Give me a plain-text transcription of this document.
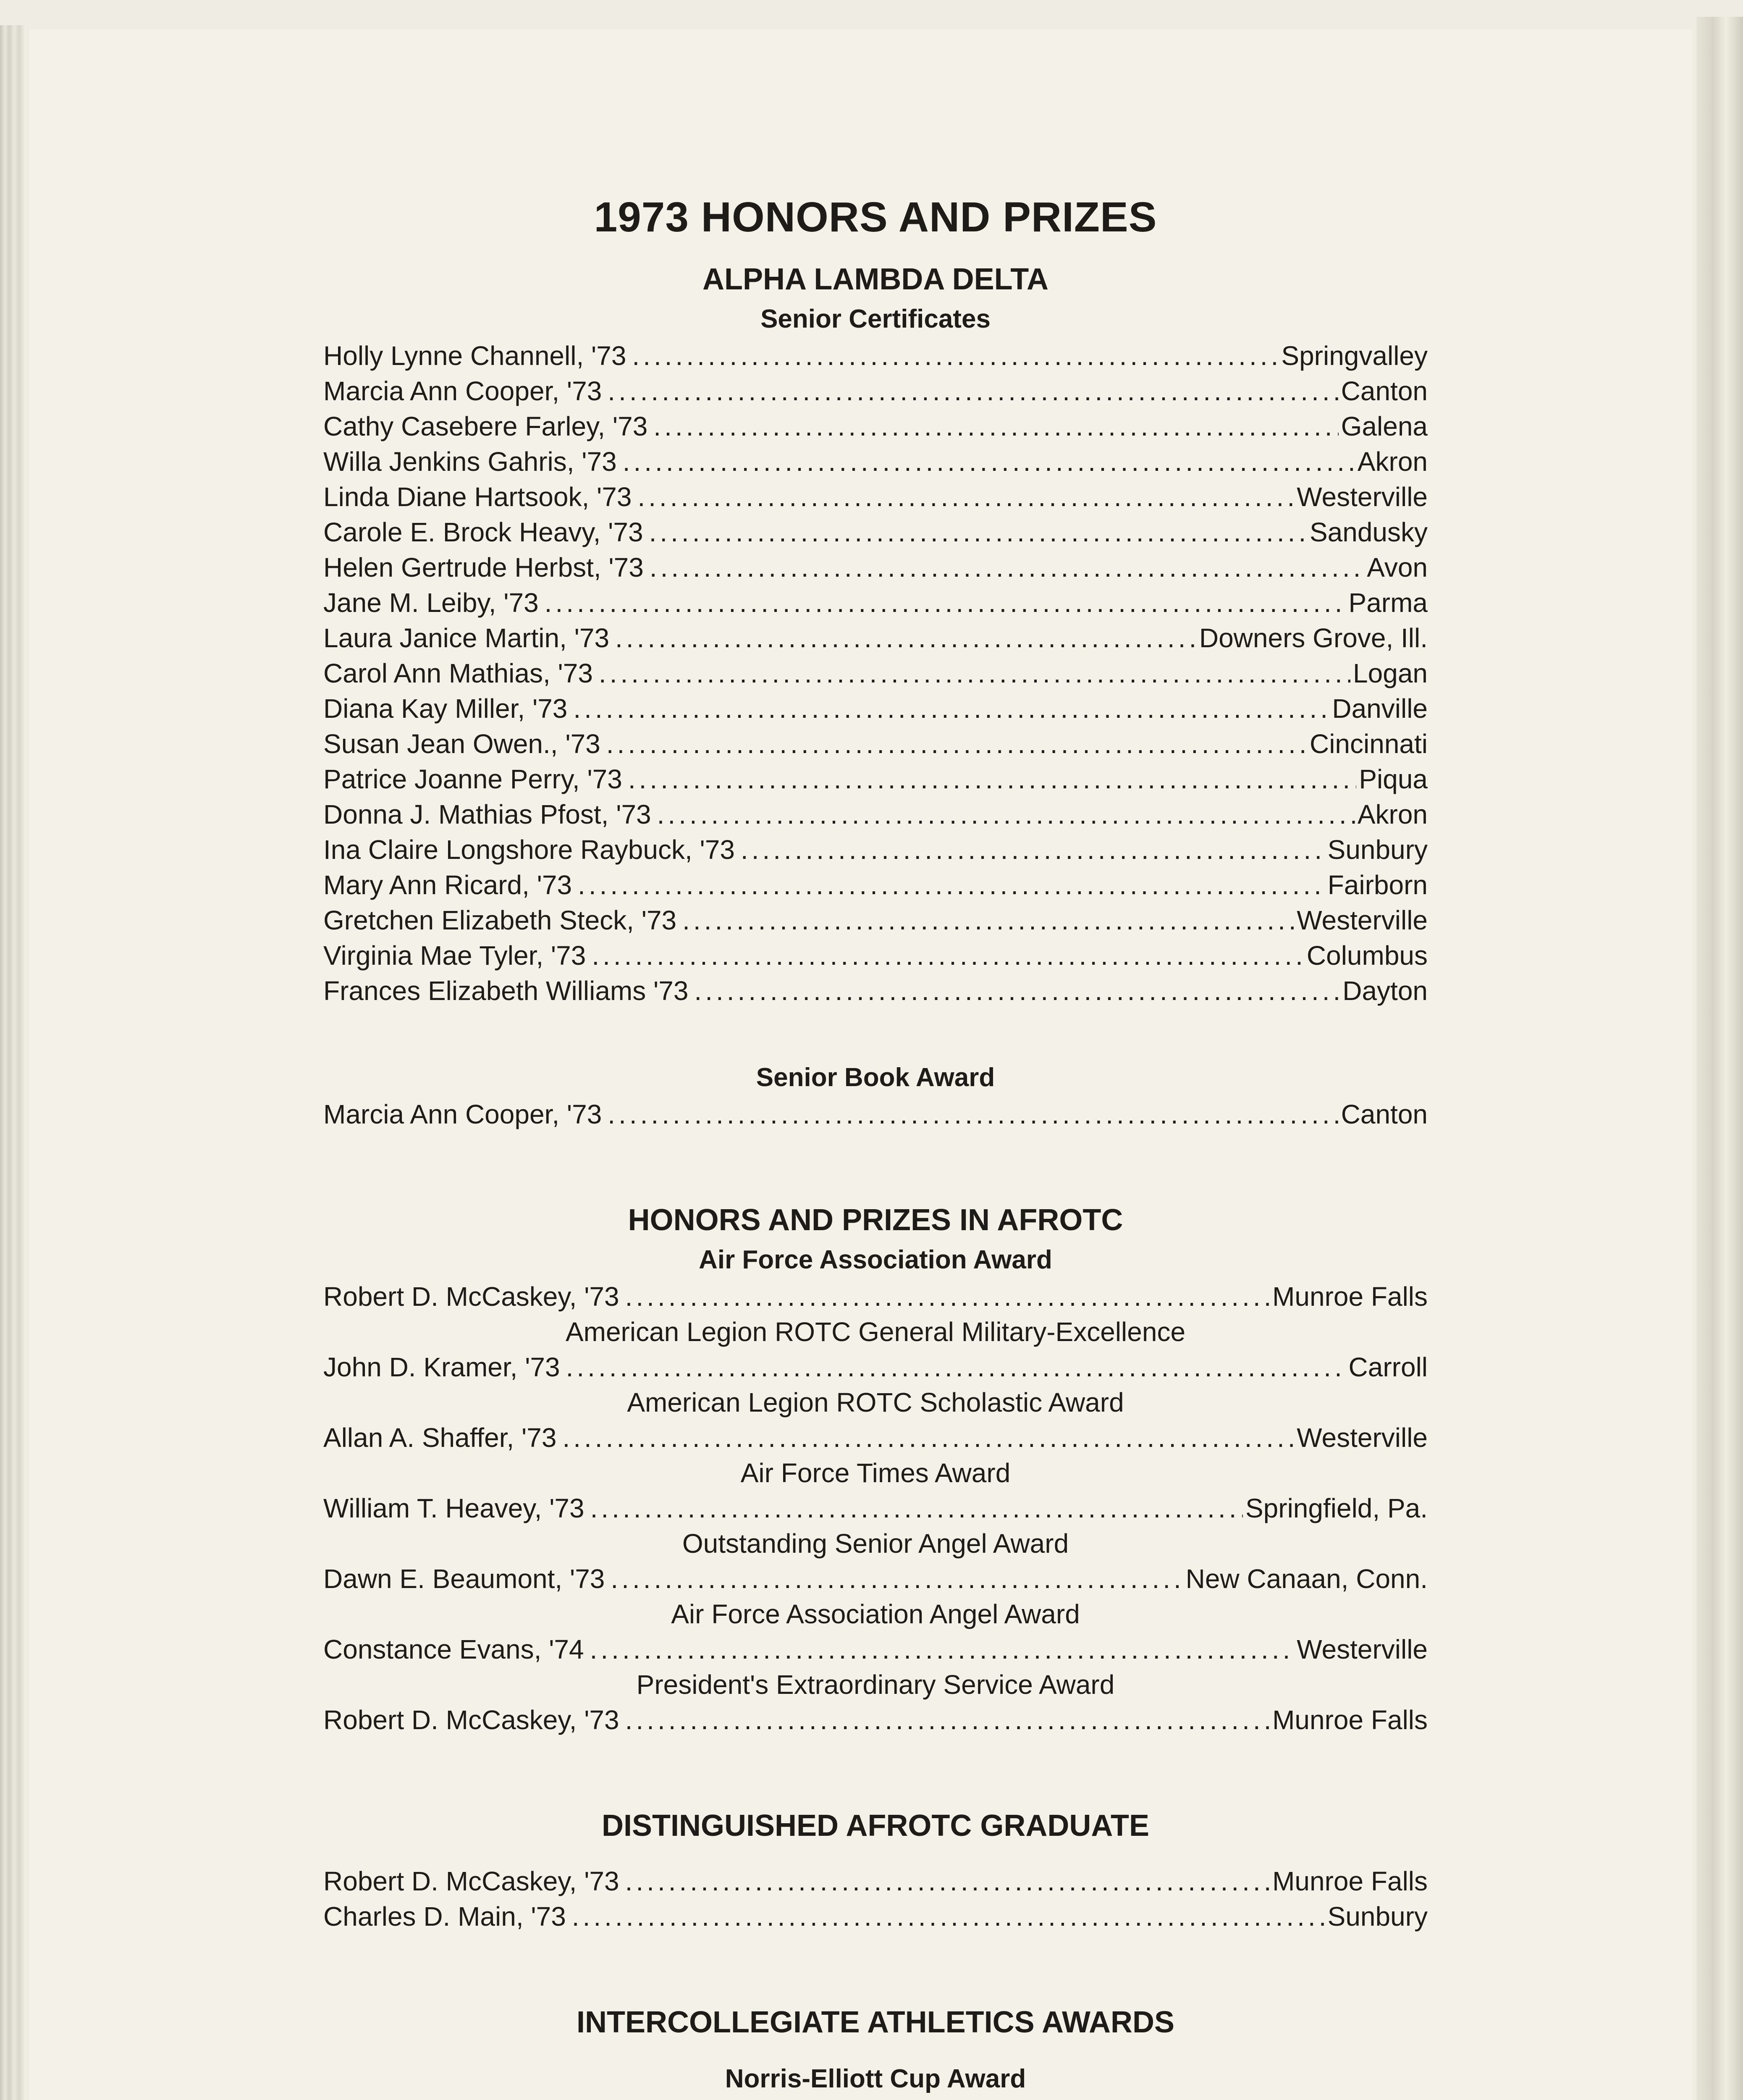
1973 HONORS AND PRIZES
ALPHA LAMBDA DELTA
Senior Certificates
Holly Lynne Channell, '73 .....	Springvalley
Marcia Ann Cooper, '73 .....	Canton
Cathy Casebere Farley, '73 .....	Galena
Willa Jenkins Gahris, '73 .....	Akron
Linda Diane Hartsook, '73 .....	Westerville
Carole E. Brock Heavy, '73 .....	Sandusky
Helen Gertrude Herbst, '73 .....	Avon
Jane M. Leiby, '73 .....	Parma
Laura Janice Martin, '73 .....	Downers Grove, Ill.
Carol Ann Mathias, '73 .....	Logan
Diana Kay Miller, '73 .....	Danville
Susan Jean Owen., '73 .....	Cincinnati
Patrice Joanne Perry, '73 .....	Piqua
Donna J. Mathias Pfost, '73 .....	Akron
Ina Claire Longshore Raybuck, '73 .....	Sunbury
Mary Ann Ricard, '73 .....	Fairborn
Gretchen Elizabeth Steck, '73 .....	Westerville
Virginia Mae Tyler, '73 .....	Columbus
Frances Elizabeth Williams '73 .....	Dayton
Senior Book Award
Marcia Ann Cooper, '73 .....	Canton
HONORS AND PRIZES IN AFROTC
Air Force Association Award
Robert D. McCaskey, '73 .....	Munroe Falls
American Legion ROTC General Military-Excellence
John D. Kramer, '73 .....	Carroll
American Legion ROTC Scholastic Award
Allan A. Shaffer, '73 .....	Westerville
Air Force Times Award
William T. Heavey, '73 .....	Springfield, Pa.
Outstanding Senior Angel Award
Dawn E. Beaumont, '73 .....	New Canaan, Conn.
Air Force Association Angel Award
Constance Evans, '74 .....	Westerville
President's Extraordinary Service Award
Robert D. McCaskey, '73 .....	Munroe Falls
DISTINGUISHED AFROTC GRADUATE
Robert D. McCaskey, '73 .....	Munroe Falls
Charles D. Main, '73 .....	Sunbury
INTERCOLLEGIATE ATHLETICS AWARDS
Norris-Elliott Cup Award
.....
